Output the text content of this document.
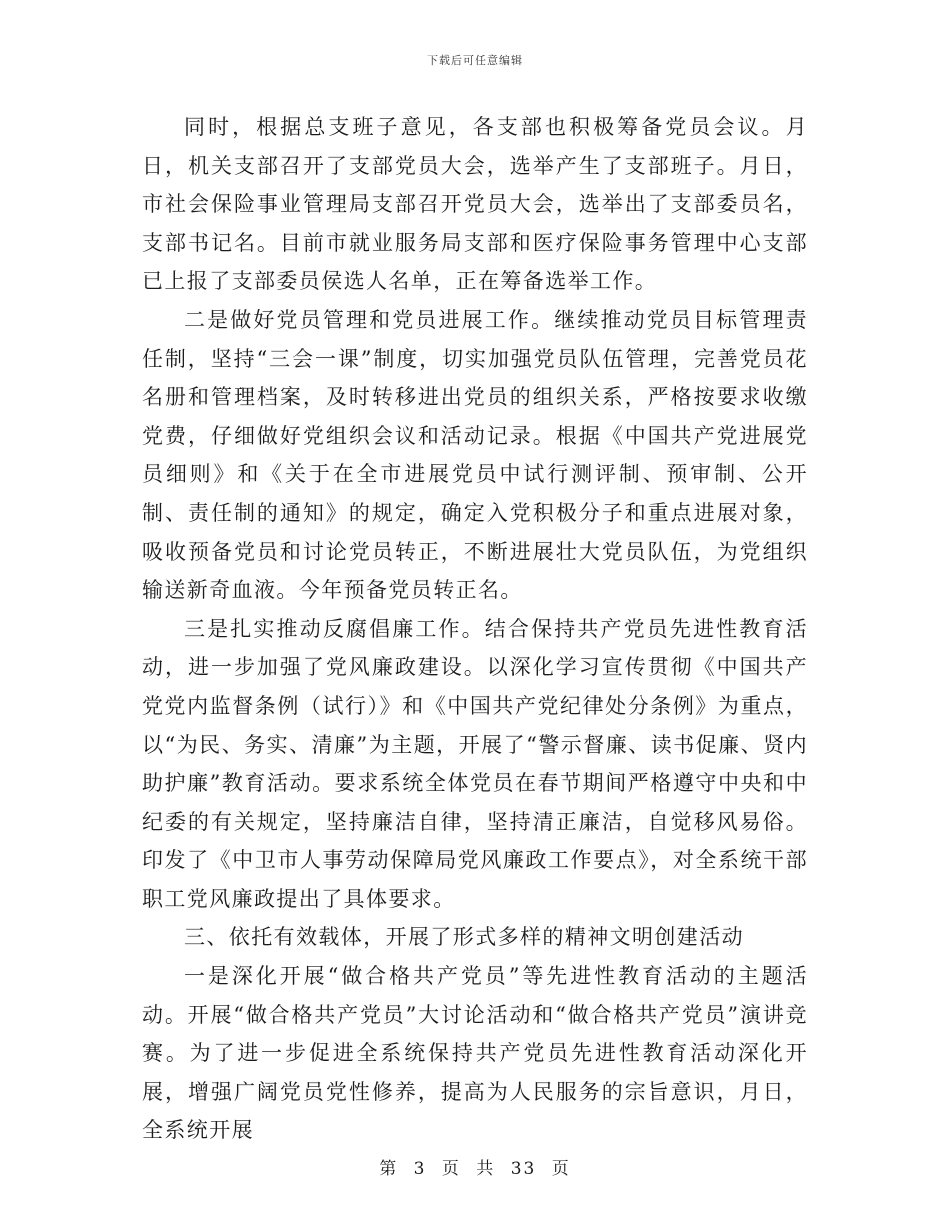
下载后可任意编辑

同时，根据总支班子意见，各支部也积极筹备党员会议。月日，机关支部召开了支部党员大会，选举产生了支部班子。月日，市社会保险事业管理局支部召开党员大会，选举出了支部委员名，支部书记名。目前市就业服务局支部和医疗保险事务管理中心支部已上报了支部委员侯选人名单，正在筹备选举工作。

二是做好党员管理和党员进展工作。继续推动党员目标管理责任制，坚持“三会一课”制度，切实加强党员队伍管理，完善党员花名册和管理档案，及时转移进出党员的组织关系，严格按要求收缴党费，仔细做好党组织会议和活动记录。根据《中国共产党进展党员细则》和《关于在全市进展党员中试行测评制、预审制、公开制、责任制的通知》的规定，确定入党积极分子和重点进展对象，吸收预备党员和讨论党员转正，不断进展壮大党员队伍，为党组织输送新奇血液。今年预备党员转正名。

三是扎实推动反腐倡廉工作。结合保持共产党员先进性教育活动，进一步加强了党风廉政建设。以深化学习宣传贯彻《中国共产党党内监督条例（试行）》和《中国共产党纪律处分条例》为重点，以“为民、务实、清廉”为主题，开展了“警示督廉、读书促廉、贤内助护廉”教育活动。要求系统全体党员在春节期间严格遵守中央和中纪委的有关规定，坚持廉洁自律，坚持清正廉洁，自觉移风易俗。印发了《中卫市人事劳动保障局党风廉政工作要点》，对全系统干部职工党风廉政提出了具体要求。

三、依托有效载体，开展了形式多样的精神文明创建活动

一是深化开展“做合格共产党员”等先进性教育活动的主题活动。开展“做合格共产党员”大讨论活动和“做合格共产党员”演讲竞赛。为了进一步促进全系统保持共产党员先进性教育活动深化开展，增强广阔党员党性修养，提高为人民服务的宗旨意识，月日，全系统开展

第 3 页 共 33 页
